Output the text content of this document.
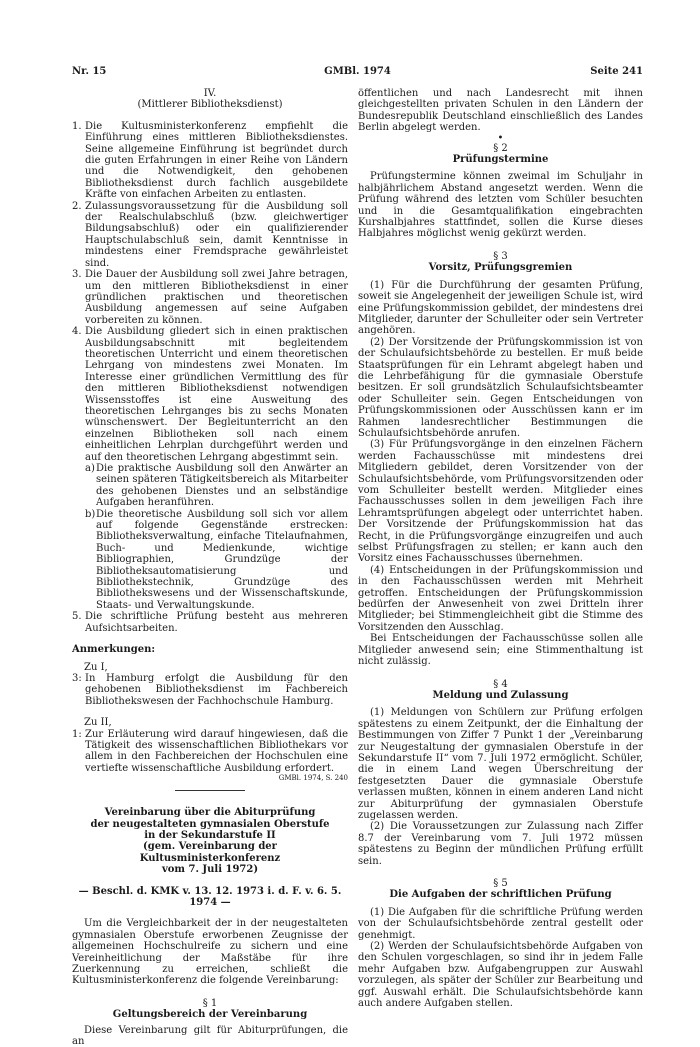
Nr. 15	GMBl. 1974	Seite 241

IV.

(Mittlerer Bibliotheksdienst)

1. Die Kultusministerkonferenz empfiehlt die Einführung eines mittleren Bibliotheksdienstes. Seine allgemeine Einführung ist begründet durch die guten Erfahrungen in einer Reihe von Ländern und die Notwendigkeit, den gehobenen Bibliotheksdienst durch fachlich ausgebildete Kräfte von einfachen Arbeiten zu entlasten.
2. Zulassungsvoraussetzung für die Ausbildung soll der Realschulabschluß (bzw. gleichwertiger Bildungsabschluß) oder ein qualifizierender Hauptschulabschluß sein, damit Kenntnisse in mindestens einer Fremdsprache gewährleistet sind.
3. Die Dauer der Ausbildung soll zwei Jahre betragen, um den mittleren Bibliotheksdienst in einer gründlichen praktischen und theoretischen Ausbildung angemessen auf seine Aufgaben vorbereiten zu können.
4. Die Ausbildung gliedert sich in einen praktischen Ausbildungsabschnitt mit begleitendem theoretischen Unterricht und einem theoretischen Lehrgang von mindestens zwei Monaten. Im Interesse einer gründlichen Vermittlung des für den mittleren Bibliotheksdienst notwendigen Wissensstoffes ist eine Ausweitung des theoretischen Lehrganges bis zu sechs Monaten wünschenswert. Der Begleitunterricht an den einzelnen Bibliotheken soll nach einem einheitlichen Lehrplan durchgeführt werden und auf den theoretischen Lehrgang abgestimmt sein.
a) Die praktische Ausbildung soll den Anwärter an seinen späteren Tätigkeitsbereich als Mitarbeiter des gehobenen Dienstes und an selbständige Aufgaben heranführen.
b) Die theoretische Ausbildung soll sich vor allem auf folgende Gegenstände erstrecken: Bibliotheksverwaltung, einfache Titelaufnahmen, Buch- und Medienkunde, wichtige Bibliographien, Grundzüge der Bibliotheksautomatisierung und Bibliothekstechnik, Grundzüge des Bibliothekswesens und der Wissenschaftskunde, Staats- und Verwaltungskunde.
5. Die schriftliche Prüfung besteht aus mehreren Aufsichtsarbeiten.

Anmerkungen:

Zu I,

3: In Hamburg erfolgt die Ausbildung für den gehobenen Bibliotheksdienst im Fachbereich Bibliothekswesen der Fachhochschule Hamburg.

Zu II,

1: Zur Erläuterung wird darauf hingewiesen, daß die Tätigkeit des wissenschaftlichen Bibliothekars vor allem in den Fachbereichen der Hochschulen eine vertiefte wissenschaftliche Ausbildung erfordert.
GMBl. 1974, S. 240
Vereinbarung über die Abiturprüfung
der neugestalteten gymnasialen Oberstufe
in der Sekundarstufe II
(gem. Vereinbarung der Kultusministerkonferenz
vom 7. Juli 1972)

— Beschl. d. KMK v. 13. 12. 1973 i. d. F. v. 6. 5. 1974 —

Um die Vergleichbarkeit der in der neugestalteten gymnasialen Oberstufe erworbenen Zeugnisse der allgemeinen Hochschulreife zu sichern und eine Vereinheitlichung der Maßstäbe für ihre Zuerkennung zu erreichen, schließt die Kultusministerkonferenz die folgende Vereinbarung:

§ 1
Geltungsbereich der Vereinbarung

Diese Vereinbarung gilt für Abiturprüfungen, die an

öffentlichen und nach Landesrecht mit ihnen gleichgestellten privaten Schulen in den Ländern der Bundesrepublik Deutschland einschließlich des Landes Berlin abgelegt werden.

•
§ 2
Prüfungstermine

Prüfungstermine können zweimal im Schuljahr in halbjährlichem Abstand angesetzt werden. Wenn die Prüfung während des letzten vom Schüler besuchten und in die Gesamtqualifikation eingebrachten Kurshalbjahres stattfindet, sollen die Kurse dieses Halbjahres möglichst wenig gekürzt werden.

§ 3
Vorsitz, Prüfungsgremien

(1) Für die Durchführung der gesamten Prüfung, soweit sie Angelegenheit der jeweiligen Schule ist, wird eine Prüfungskommission gebildet, der mindestens drei Mitglieder, darunter der Schulleiter oder sein Vertreter angehören.

(2) Der Vorsitzende der Prüfungskommission ist von der Schulaufsichtsbehörde zu bestellen. Er muß beide Staatsprüfungen für ein Lehramt abgelegt haben und die Lehrbefähigung für die gymnasiale Oberstufe besitzen. Er soll grundsätzlich Schulaufsichtsbeamter oder Schulleiter sein. Gegen Entscheidungen von Prüfungskommissionen oder Ausschüssen kann er im Rahmen landesrechtlicher Bestimmungen die Schulaufsichtsbehörde anrufen.

(3) Für Prüfungsvorgänge in den einzelnen Fächern werden Fachausschüsse mit mindestens drei Mitgliedern gebildet, deren Vorsitzender von der Schulaufsichtsbehörde, vom Prüfungsvorsitzenden oder vom Schulleiter bestellt werden. Mitglieder eines Fachausschusses sollen in dem jeweiligen Fach ihre Lehramtsprüfungen abgelegt oder unterrichtet haben. Der Vorsitzende der Prüfungskommission hat das Recht, in die Prüfungsvorgänge einzugreifen und auch selbst Prüfungsfragen zu stellen; er kann auch den Vorsitz eines Fachausschusses übernehmen.

(4) Entscheidungen in der Prüfungskommission und in den Fachausschüssen werden mit Mehrheit getroffen. Entscheidungen der Prüfungskommission bedürfen der Anwesenheit von zwei Dritteln ihrer Mitglieder; bei Stimmengleichheit gibt die Stimme des Vorsitzenden den Ausschlag.

Bei Entscheidungen der Fachausschüsse sollen alle Mitglieder anwesend sein; eine Stimmenthaltung ist nicht zulässig.

§ 4
Meldung und Zulassung

(1) Meldungen von Schülern zur Prüfung erfolgen spätestens zu einem Zeitpunkt, der die Einhaltung der Bestimmungen von Ziffer 7 Punkt 1 der „Vereinbarung zur Neugestaltung der gymnasialen Oberstufe in der Sekundarstufe II“ vom 7. Juli 1972 ermöglicht. Schüler, die in einem Land wegen Überschreitung der festgesetzten Dauer die gymnasiale Oberstufe verlassen mußten, können in einem anderen Land nicht zur Abiturprüfung der gymnasialen Oberstufe zugelassen werden.

(2) Die Voraussetzungen zur Zulassung nach Ziffer 8.7 der Vereinbarung vom 7. Juli 1972 müssen spätestens zu Beginn der mündlichen Prüfung erfüllt sein.

§ 5
Die Aufgaben der schriftlichen Prüfung

(1) Die Aufgaben für die schriftliche Prüfung werden von der Schulaufsichtsbehörde zentral gestellt oder genehmigt.

(2) Werden der Schulaufsichtsbehörde Aufgaben von den Schulen vorgeschlagen, so sind ihr in jedem Falle mehr Aufgaben bzw. Aufgabengruppen zur Auswahl vorzulegen, als später der Schüler zur Bearbeitung und ggf. Auswahl erhält. Die Schulaufsichtsbehörde kann auch andere Aufgaben stellen.
